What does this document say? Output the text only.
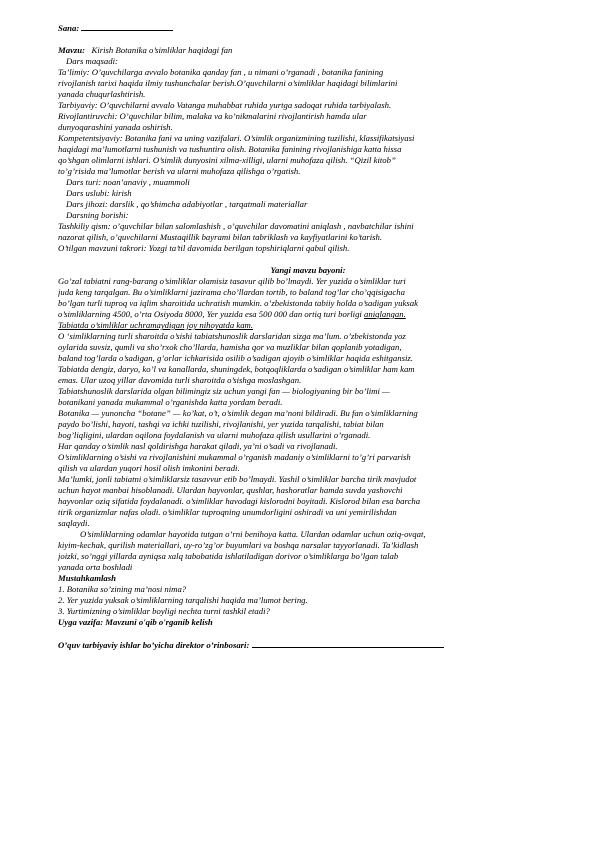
Sana:
Mavzu: Kirish Botanika o’simliklar haqidagi fan
Dars maqsadi:
Ta’limiy: O’quvchilarga avvalo botanika qanday fan , u nimani o’rganadi , botanika fanining
rivojlanish tarixi haqida ilmiy tushunchalar berish.O’quvchilarni o’simliklar haqidagi bilimlarini
yanada chuqurlashtirish.
Tarbiyaviy: O’quvchilarni avvalo Vatanga muhabbat ruhida yurtga sadoqat ruhida tarbiyalash.
Rivojlantiruvchi: O’quvchilar bilim, malaka va ko’nikmalarini rivojlantirish hamda ular
dunyoqarashini yanada oshirish.
Kompetentsiyaviy: Botanika fani va uning vazifalari. O’simlik organizmining tuzilishi, klassifikatsiyasi
haqidagi ma’lumotlarni tushunish va tushuntira olish. Botanika fanining rivojlanishiga katta hissa
qo’shgan olimlarni ishlari. O’simlik dunyosini xilma-xilligi, ularni muhofaza qilish. “Qizil kitob”
to’g’risida ma’lumotlar berish va ularni muhofaza qilishga o’rgatish.
Dars turi: noan’anaviy , muammoli
Dars uslubi: kirish
Dars jihozi: darslik , qo’shimcha adabiyotlar , tarqatmali materiallar
Darsning borishi:
Tashkiliy qism: o’quvchilar bilan salomlashish , o’quvchilar davomatini aniqlash , navbatchilar ishini
nazorat qilish, o’quvchilarni Mustaqillik bayrami bilan tabriklash va kayfiyatlarini ko’tarish.
O’tilgan mavzuni takrori: Yozgi ta’til davomida berilgan topshiriqlarni qabul qilish.
Yangi mavzu bayoni:
Go’zal tabiatni rang-barang o’simliklar olamisiz tasavur qilib bo’lmaydi. Yer yuzida o’simliklar turi
juda keng tarqalgan. Bu o’simliklarni jazirama cho’llardan tortib, to baland tog’lar cho’qqisigacha
bo’lgan turli tuproq va iqlim sharoitida uchratish mumkin. o’zbekistonda tabiiy holda o’sadigan yuksak
o’simliklarning 4500, o’rta Osiyoda 8000, Yer yuzida esa 500 000 dan ortiq turi borligi aniqlangan.
Tabiatda o’simliklar uchramaydigan joy nihoyatda kam.
O ‘simliklarning turli sharoitda o’sishi tabiatshunoslik darslaridan sizga ma’lum. o’zbekistonda yoz
oylarida suvsiz, qumli va sho’rxok cho’llarda, hamisha qor va muzliklar bilan qoplanib yotadigan,
baland tog’larda o’sadigan, g’orlar ichkarisida osilib o’sadigan ajoyib o’simliklar haqida eshitgansiz.
Tabiatda dengiz, daryo, ko’l va kanallarda, shuningdek, botqoqliklarda o’sadigan o’simliklar ham kam
emas. Ular uzoq yillar davomida turli sharoitda o’sishga moslashgan.
Tabiatshunoslik darslarida olgan bilimingiz siz uchun yangi fan — biologiyaning bir bo’limi —
botanikani yanada mukammal o’rganishda katta yordam beradi.
Botanika — yunoncha “botane” — ko’kat, o’t, o’simlik degan ma’noni bildiradi. Bu fan o’simliklarning
paydo bo’lishi, hayoti, tashqi va ichki tuzilishi, rivojlanishi, yer yuzida tarqalishi, tabiat bilan
bog’liqligini, ulardan oqilona foydalanish va ularni muhofaza qilish usullarini o’rganadi.
Har qanday o’simlik nasl qoldirishga harakat qiladi, ya’ni o’sadi va rivojlanadi.
O’simliklarning o’sishi va rivojlanishini mukammal o’rganish madaniy o’simliklarni to’g’ri parvarish
qilish va ulardan yuqori hosil olish imkonini beradi.
Ma’lumki, jonli tabiatni o’simliklarsiz tasavvur etib bo’lmaydi. Yashil o’simliklar barcha tirik mavjudot
uchun hayot manbai hisoblanadi. Ulardan hayvonlar, qushlar, hashoratlar hamda suvda yashovchi
hayvonlar oziq sifatida foydalanadi. o’simliklar havodagi kislorodni boyitadi. Kislorod bilan esa barcha
tirik organizmlar nafas oladi. o’simliklar tuproqning unumdorligini oshiradi va uni yemirilishdan
saqlaydi.
O’simliklarning odamlar hayotida tutgan o’rni benihoya katta. Ulardan odamlar uchun oziq-ovqat,
kiyim-kechak, qurilish materiallari, uy-ro’zg’or buyumlari va boshqa narsalar tayyorlanadi. Ta’kidlash
joizki, so’nggi yillarda ayniqsa xalq tabobatida ishlatiladigan dorivor o’simliklarga bo’lgan talab
yanada orta boshladi
Mustahkamlash
1. Botanika so’zining ma’nosi nima?
2. Yer yuzida yuksak o’simliklarning tarqalishi haqida ma’lumot bering.
3. Yurtimizning o’simliklar boyligi nechta turni tashkil etadi?
Uyga vazifa: Mavzuni o'qib o'rganib kelish
O’quv tarbiyaviy ishlar bo’yicha direktor o’rinbosari:
